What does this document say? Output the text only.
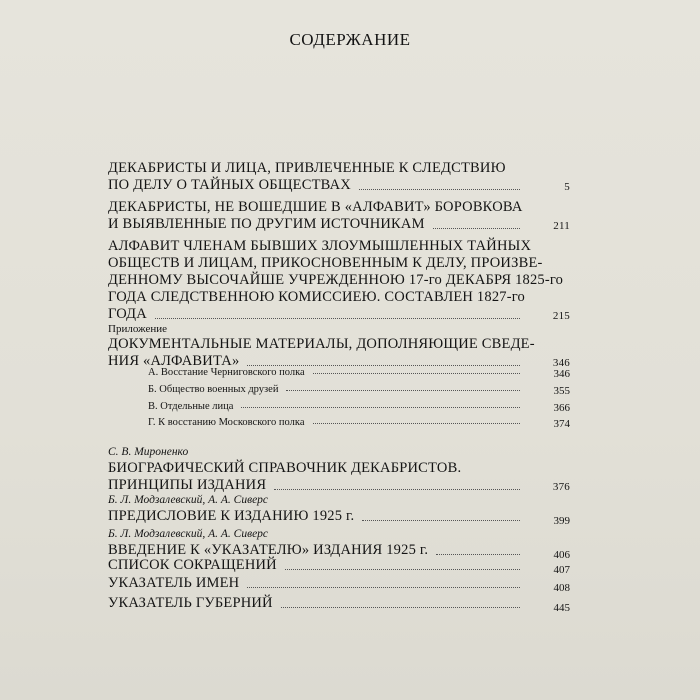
СОДЕРЖАНИЕ
ДЕКАБРИСТЫ И ЛИЦА, ПРИВЛЕЧЕННЫЕ К СЛЕДСТВИЮ
ПО ДЕЛУ О ТАЙНЫХ ОБЩЕСТВАХ	5
ДЕКАБРИСТЫ, НЕ ВОШЕДШИЕ В «АЛФАВИТ» БОРОВКОВА
И ВЫЯВЛЕННЫЕ ПО ДРУГИМ ИСТОЧНИКАМ	211
АЛФАВИТ ЧЛЕНАМ БЫВШИХ ЗЛОУМЫШЛЕННЫХ ТАЙНЫХ
ОБЩЕСТВ И ЛИЦАМ, ПРИКОСНОВЕННЫМ К ДЕЛУ, ПРОИЗВЕ-
ДЕННОМУ ВЫСОЧАЙШЕ УЧРЕЖДЕННОЮ 17-го ДЕКАБРЯ 1825-го
ГОДА СЛЕДСТВЕННОЮ КОМИССИЕЮ. СОСТАВЛЕН 1827-го
ГОДА	215
Приложение
ДОКУМЕНТАЛЬНЫЕ МАТЕРИАЛЫ, ДОПОЛНЯЮЩИЕ СВЕДЕ-
НИЯ «АЛФАВИТА»	346
А. Восстание Черниговского полка	346
Б. Общество военных друзей	355
В. Отдельные лица	366
Г. К восстанию Московского полка	374
С. В. Мироненко
БИОГРАФИЧЕСКИЙ СПРАВОЧНИК ДЕКАБРИСТОВ.
ПРИНЦИПЫ ИЗДАНИЯ	376
Б. Л. Модзалевский, А. А. Сиверс
ПРЕДИСЛОВИЕ К ИЗДАНИЮ 1925 г.	399
Б. Л. Модзалевский, А. А. Сиверс
ВВЕДЕНИЕ К «УКАЗАТЕЛЮ» ИЗДАНИЯ 1925 г.	406
СПИСОК СОКРАЩЕНИЙ	407
УКАЗАТЕЛЬ ИМЕН	408
УКАЗАТЕЛЬ ГУБЕРНИЙ	445
